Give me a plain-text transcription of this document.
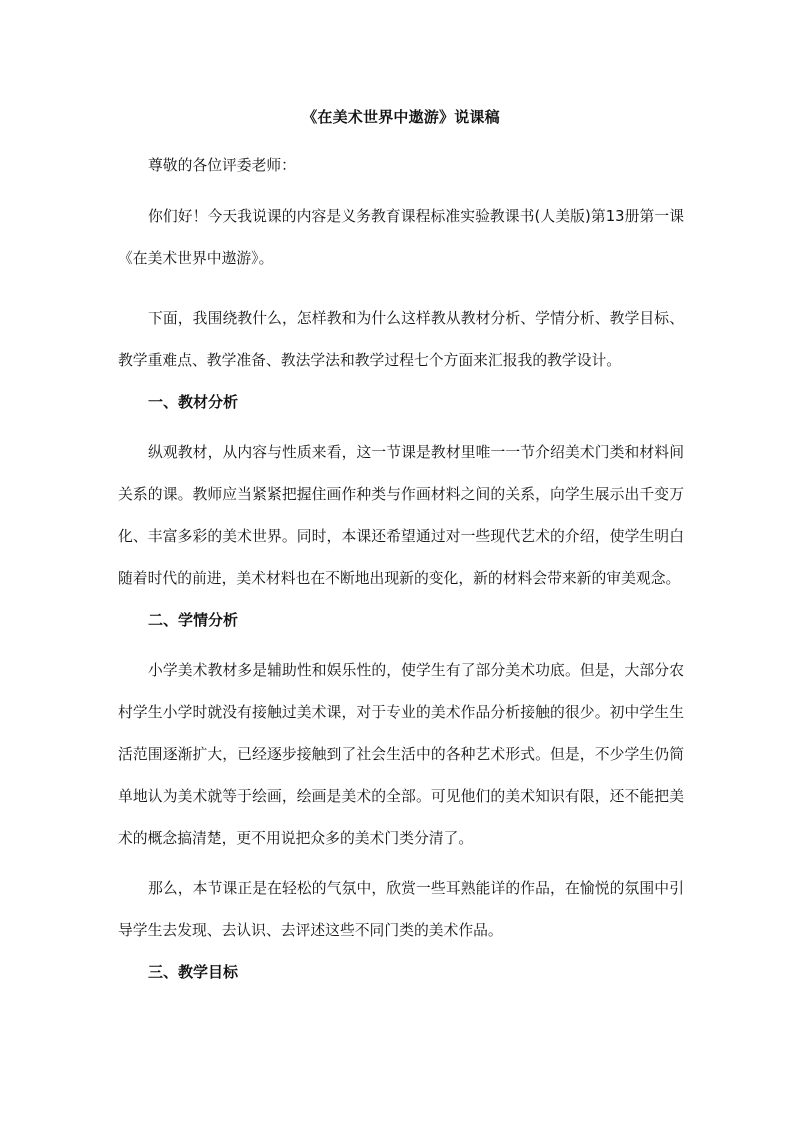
《在美术世界中遨游》说课稿
尊敬的各位评委老师：
你们好！今天我说课的内容是义务教育课程标准实验教课书(人美版)第13册第一课《在美术世界中遨游》。
下面，我围绕教什么，怎样教和为什么这样教从教材分析、学情分析、教学目标、教学重难点、教学准备、教法学法和教学过程七个方面来汇报我的教学设计。
一、教材分析
纵观教材，从内容与性质来看，这一节课是教材里唯一一节介绍美术门类和材料间关系的课。教师应当紧紧把握住画作种类与作画材料之间的关系，向学生展示出千变万化、丰富多彩的美术世界。同时，本课还希望通过对一些现代艺术的介绍，使学生明白随着时代的前进，美术材料也在不断地出现新的变化，新的材料会带来新的审美观念。
二、学情分析
小学美术教材多是辅助性和娱乐性的，使学生有了部分美术功底。但是，大部分农村学生小学时就没有接触过美术课，对于专业的美术作品分析接触的很少。初中学生生活范围逐渐扩大，已经逐步接触到了社会生活中的各种艺术形式。但是，不少学生仍简单地认为美术就等于绘画，绘画是美术的全部。可见他们的美术知识有限，还不能把美术的概念搞清楚，更不用说把众多的美术门类分清了。
那么，本节课正是在轻松的气氛中，欣赏一些耳熟能详的作品，在愉悦的氛围中引导学生去发现、去认识、去评述这些不同门类的美术作品。
三、教学目标
